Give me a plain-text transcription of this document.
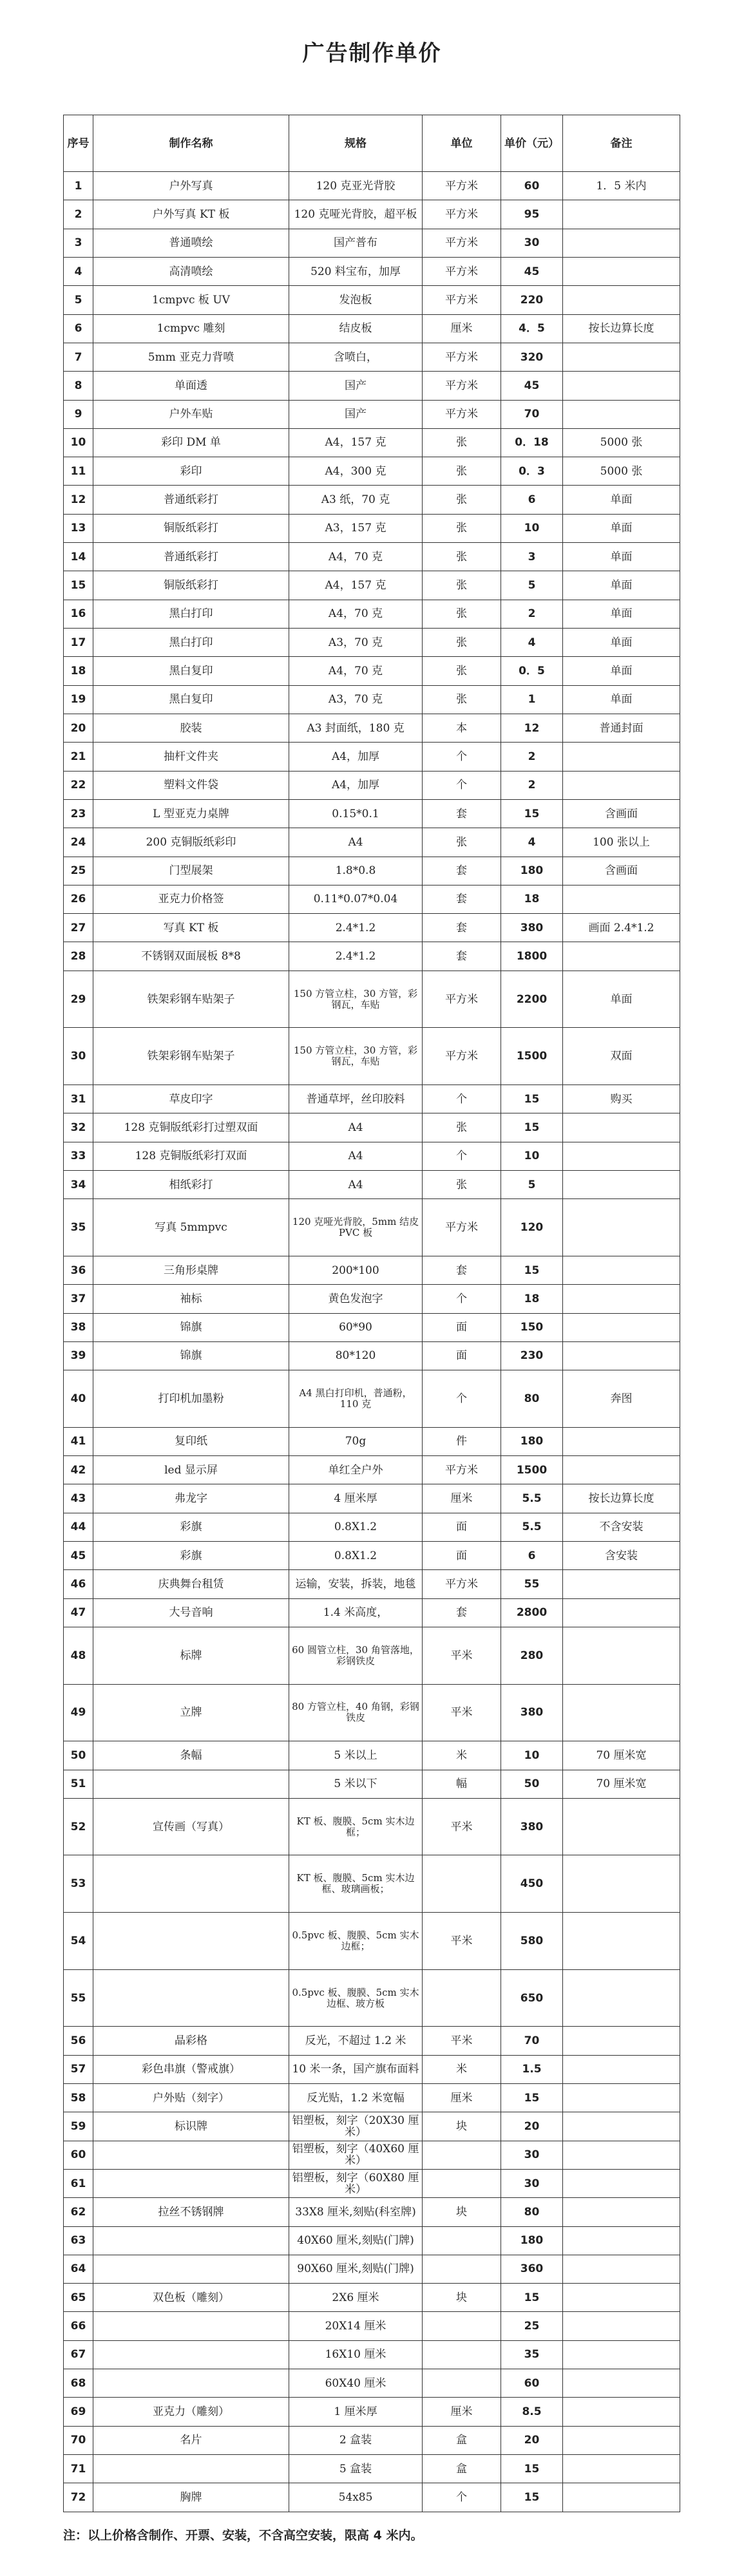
广告制作单价
序号	制作名称	规格	单位	单价（元）	备注
1	户外写真	120 克亚光背胶	平方米	60	1．5 米内
2	户外写真 KT 板	120 克哑光背胶，超平板	平方米	95	
3	普通喷绘	国产普布	平方米	30	
4	高清喷绘	520 料宝布，加厚	平方米	45	
5	1cmpvc 板 UV	发泡板	平方米	220	
6	1cmpvc 雕刻	结皮板	厘米	4．5	按长边算长度
7	5mm 亚克力背喷	含喷白，	平方米	320	
8	单面透	国产	平方米	45	
9	户外车贴	国产	平方米	70	
10	彩印 DM 单	A4，157 克	张	0．18	5000 张
11	彩印	A4，300 克	张	0．3	5000 张
12	普通纸彩打	A3 纸，70 克	张	6	单面
13	铜版纸彩打	A3，157 克	张	10	单面
14	普通纸彩打	A4，70 克	张	3	单面
15	铜版纸彩打	A4，157 克	张	5	单面
16	黑白打印	A4，70 克	张	2	单面
17	黑白打印	A3，70 克	张	4	单面
18	黑白复印	A4，70 克	张	0．5	单面
19	黑白复印	A3，70 克	张	1	单面
20	胶装	A3 封面纸，180 克	本	12	普通封面
21	抽杆文件夹	A4，加厚	个	2	
22	塑料文件袋	A4，加厚	个	2	
23	L 型亚克力桌牌	0.15*0.1	套	15	含画面
24	200 克铜版纸彩印	A4	张	4	100 张以上
25	门型展架	1.8*0.8	套	180	含画面
26	亚克力价格签	0.11*0.07*0.04	套	18	
27	写真 KT 板	2.4*1.2	套	380	画面 2.4*1.2
28	不锈钢双面展板 8*8	2.4*1.2	套	1800	
29	铁架彩钢车贴架子	150 方管立柱，30 方管，彩钢瓦，车贴	平方米	2200	单面
30	铁架彩钢车贴架子	150 方管立柱，30 方管，彩钢瓦，车贴	平方米	1500	双面
31	草皮印字	普通草坪，丝印胶料	个	15	购买
32	128 克铜版纸彩打过塑双面	A4	张	15	
33	128 克铜版纸彩打双面	A4	个	10	
34	相纸彩打	A4	张	5	
35	写真 5mmpvc	120 克哑光背胶，5mm 结皮 PVC 板	平方米	120	
36	三角形桌牌	200*100	套	15	
37	袖标	黄色发泡字	个	18	
38	锦旗	60*90	面	150	
39	锦旗	80*120	面	230	
40	打印机加墨粉	A4 黑白打印机，普通粉，110 克	个	80	奔图
41	复印纸	70g	件	180	
42	led 显示屏	单红全户外	平方米	1500	
43	弗龙字	4 厘米厚	厘米	5.5	按长边算长度
44	彩旗	0.8X1.2	面	5.5	不含安装
45	彩旗	0.8X1.2	面	6	含安装
46	庆典舞台租赁	运输，安装，拆装，地毯	平方米	55	
47	大号音响	1.4 米高度，	套	2800	
48	标牌	60 圆管立柱，30 角管落地，彩钢铁皮	平米	280	
49	立牌	80 方管立柱，40 角钢，彩钢铁皮	平米	380	
50	条幅	5 米以上	米	10	70 厘米宽
51		5 米以下	幅	50	70 厘米宽
52	宣传画（写真）	KT 板、腹膜、5cm 实木边框；	平米	380	
53		KT 板、腹膜、5cm 实木边框、玻璃画板；		450	
54		0.5pvc 板、腹膜、5cm 实木边框；	平米	580	
55		0.5pvc 板、腹膜、5cm 实木边框、玻方板		650	
56	晶彩格	反光，不超过 1.2 米	平米	70	
57	彩色串旗（警戒旗）	10 米一条，国产旗布面料	米	1.5	
58	户外贴（刻字）	反光贴，1.2 米宽幅	厘米	15	
59	标识牌	铝塑板，刻字（20X30 厘米）	块	20	
60		铝塑板，刻字（40X60 厘米）		30	
61		铝塑板，刻字（60X80 厘米）		30	
62	拉丝不锈钢牌	33X8 厘米,刻贴(科室牌)	块	80	
63		40X60 厘米,刻贴(门牌)		180	
64		90X60 厘米,刻贴(门牌)		360	
65	双色板（雕刻）	2X6 厘米	块	15	
66		20X14 厘米		25	
67		16X10 厘米		35	
68		60X40 厘米		60	
69	亚克力（雕刻）	1 厘米厚	厘米	8.5	
70	名片	2 盒装	盒	20	
71		5 盒装	盒	15	
72	胸牌	54x85	个	15	
注：以上价格含制作、开票、安装，不含高空安装，限高 4 米内。
